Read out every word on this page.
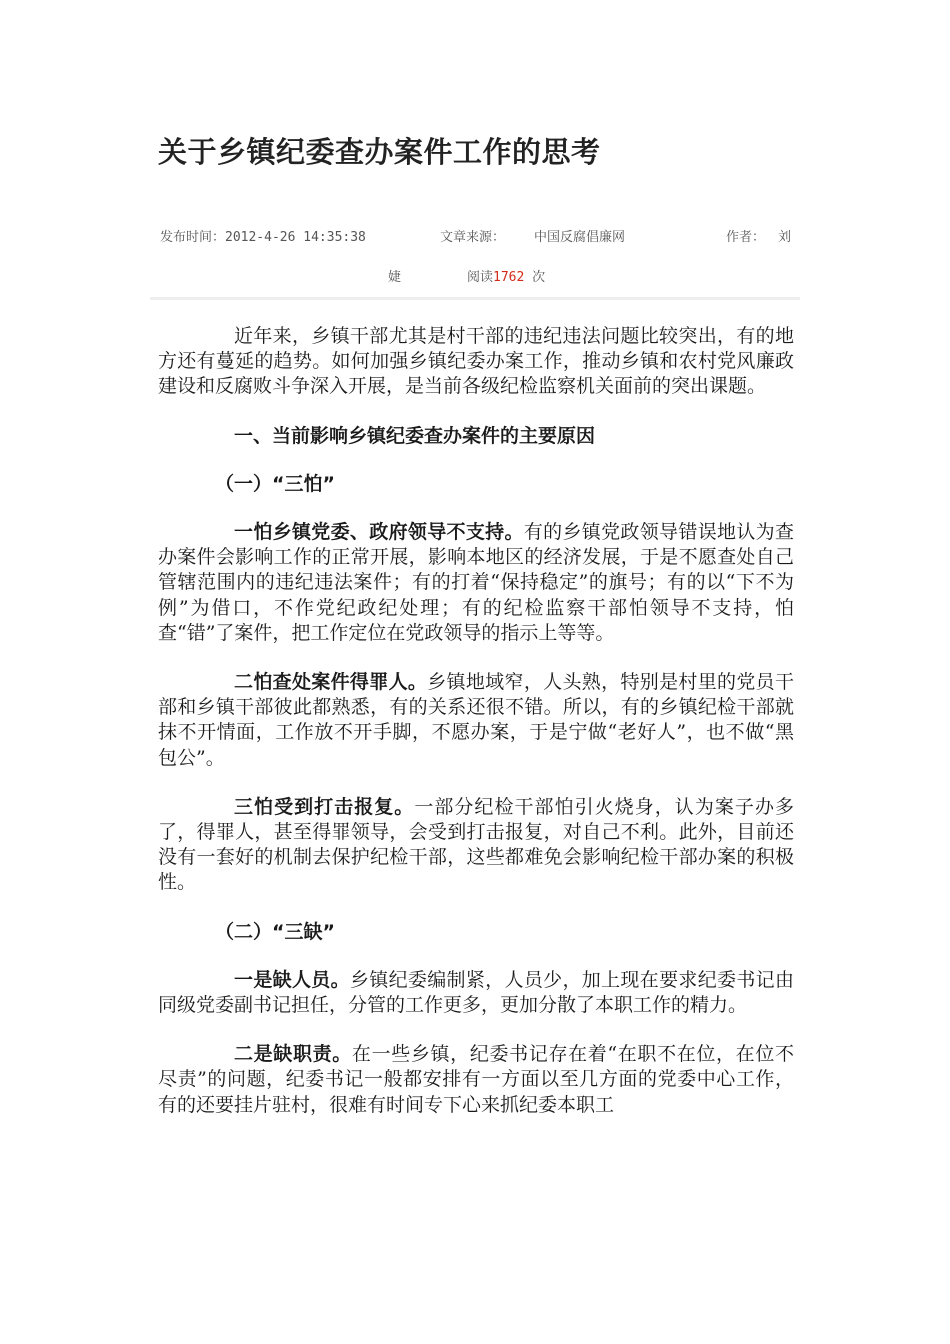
关于乡镇纪委查办案件工作的思考
发布时间：2012-4-26 14:35:38	文章来源： 中国反腐倡廉网	作者： 刘
婕	阅读1762 次

近年来，乡镇干部尤其是村干部的违纪违法问题比较突出，有的地方还有蔓延的趋势。如何加强乡镇纪委办案工作，推动乡镇和农村党风廉政建设和反腐败斗争深入开展，是当前各级纪检监察机关面前的突出课题。

一、当前影响乡镇纪委查办案件的主要原因

（一）“三怕”

一怕乡镇党委、政府领导不支持。有的乡镇党政领导错误地认为查办案件会影响工作的正常开展，影响本地区的经济发展，于是不愿查处自己管辖范围内的违纪违法案件；有的打着“保持稳定”的旗号；有的以“下不为例”为借口，不作党纪政纪处理；有的纪检监察干部怕领导不支持，怕查“错”了案件，把工作定位在党政领导的指示上等等。

二怕查处案件得罪人。乡镇地域窄，人头熟，特别是村里的党员干部和乡镇干部彼此都熟悉，有的关系还很不错。所以，有的乡镇纪检干部就抹不开情面，工作放不开手脚，不愿办案，于是宁做“老好人”，也不做“黑包公”。

三怕受到打击报复。一部分纪检干部怕引火烧身，认为案子办多了，得罪人，甚至得罪领导，会受到打击报复，对自己不利。此外，目前还没有一套好的机制去保护纪检干部，这些都难免会影响纪检干部办案的积极性。

（二）“三缺”

一是缺人员。乡镇纪委编制紧，人员少，加上现在要求纪委书记由同级党委副书记担任，分管的工作更多，更加分散了本职工作的精力。

二是缺职责。在一些乡镇，纪委书记存在着“在职不在位，在位不尽责”的问题，纪委书记一般都安排有一方面以至几方面的党委中心工作，有的还要挂片驻村，很难有时间专下心来抓纪委本职工
